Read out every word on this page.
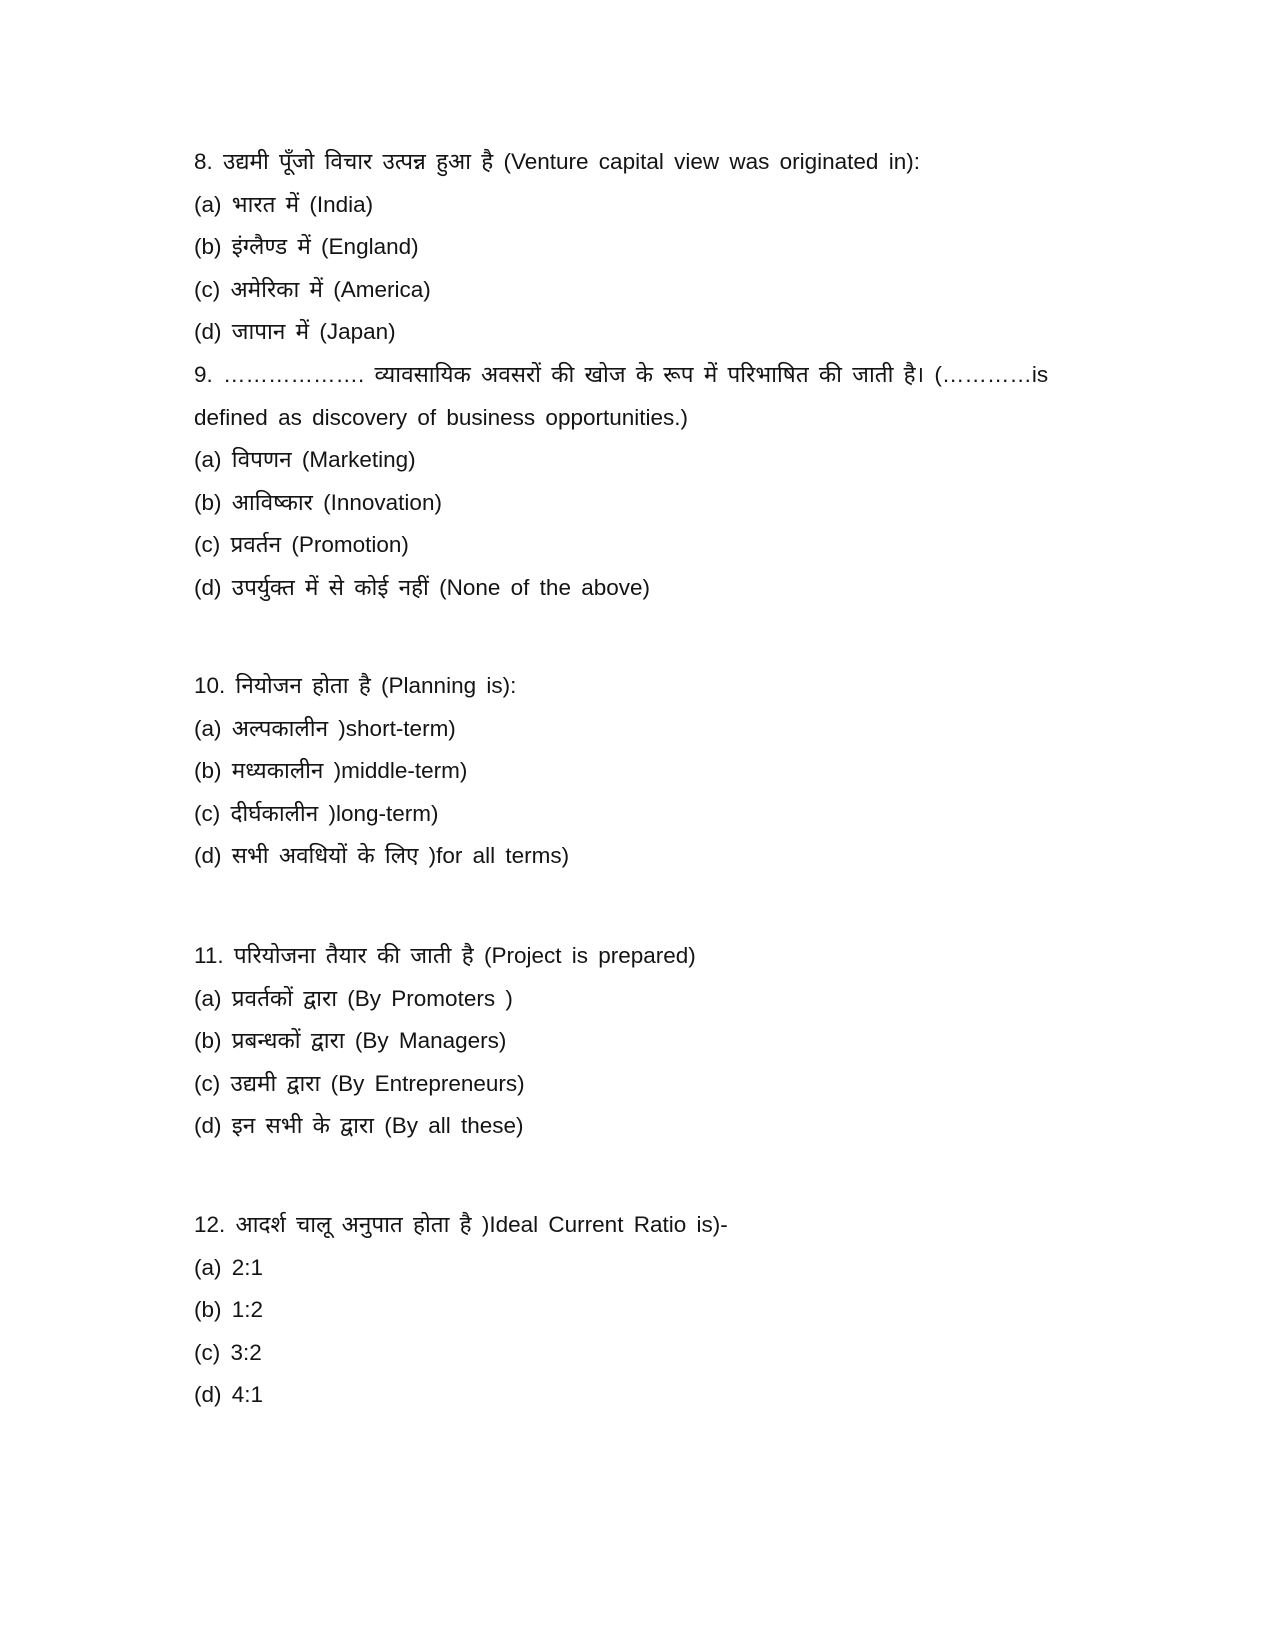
8. उद्यमी पूँजो विचार उत्पन्न हुआ है (Venture capital view was originated in):
(a) भारत में (India)
(b) इंग्लैण्ड में (England)
(c) अमेरिका में (America)
(d) जापान में (Japan)
9. ………………. व्यावसायिक अवसरों की खोज के रूप में परिभाषित की जाती है। (…………is defined as discovery of business opportunities.)
(a) विपणन (Marketing)
(b) आविष्कार (Innovation)
(c) प्रवर्तन (Promotion)
(d) उपर्युक्त में से कोई नहीं (None of the above)
10. नियोजन होता है (Planning is):
(a) अल्पकालीन )short-term)
(b) मध्यकालीन )middle-term)
(c) दीर्घकालीन )long-term)
(d) सभी अवधियों के लिए )for all terms)
11. परियोजना तैयार की जाती है (Project is prepared)
(a) प्रवर्तकों द्वारा (By Promoters )
(b) प्रबन्धकों द्वारा (By Managers)
(c) उद्यमी द्वारा (By Entrepreneurs)
(d) इन सभी के द्वारा (By all these)
12. आदर्श चालू अनुपात होता है )Ideal Current Ratio is)-
(a) 2:1
(b) 1:2
(c) 3:2
(d) 4:1
